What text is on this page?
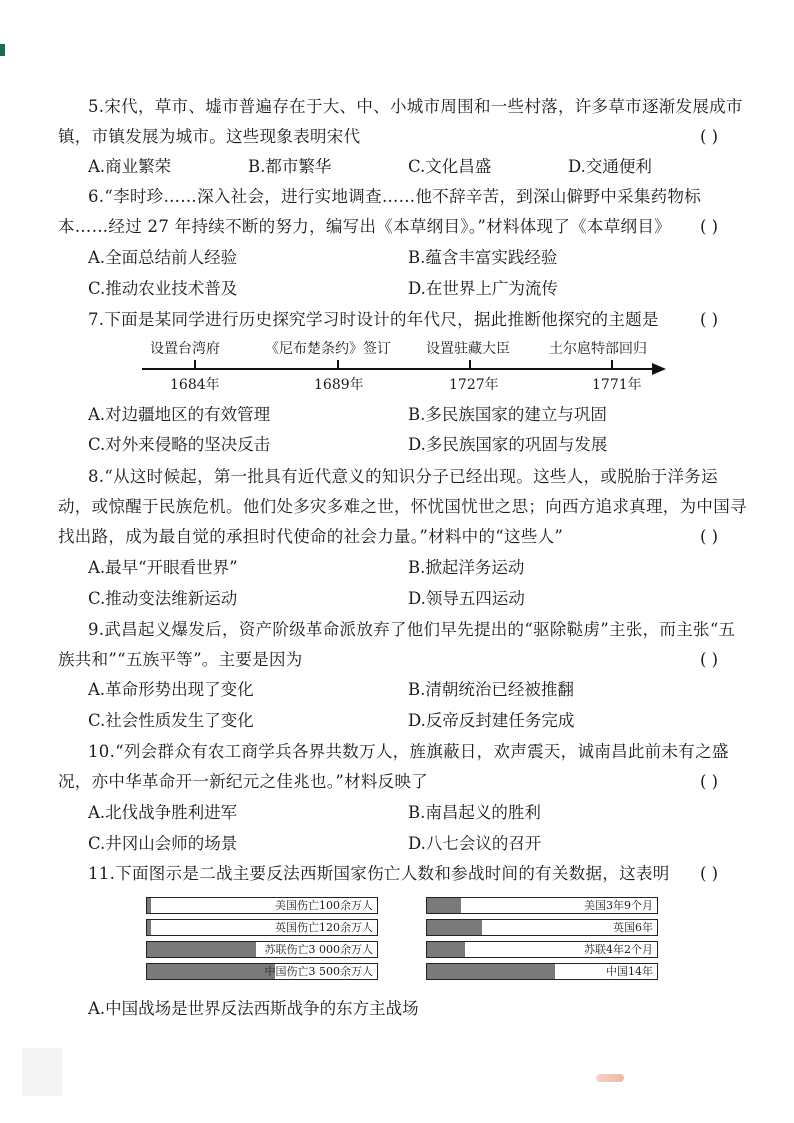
5.宋代，草市、墟市普遍存在于大、中、小城市周围和一些村落，许多草市逐渐发展成市
镇，市镇发展为城市。这些现象表明宋代	( )
A.商业繁荣	B.都市繁华	C.文化昌盛	D.交通便利
6.“李时珍……深入社会，进行实地调查……他不辞辛苦，到深山僻野中采集药物标
本……经过 27 年持续不断的努力，编写出《本草纲目》。”材料体现了《本草纲目》 ( )
A.全面总结前人经验	B.蕴含丰富实践经验
C.推动农业技术普及	D.在世界上广为流传
7.下面是某同学进行历史探究学习时设计的年代尺，据此推断他探究的主题是	( )
设置台湾府	《尼布楚条约》签订	设置驻藏大臣	土尔扈特部回归
1684年	1689年	1727年	1771年
A.对边疆地区的有效管理	B.多民族国家的建立与巩固
C.对外来侵略的坚决反击	D.多民族国家的巩固与发展
8.“从这时候起，第一批具有近代意义的知识分子已经出现。这些人，或脱胎于洋务运
动，或惊醒于民族危机。他们处多灾多难之世，怀忧国忧世之思；向西方追求真理，为中国寻
找出路，成为最自觉的承担时代使命的社会力量。”材料中的“这些人”	( )
A.最早“开眼看世界”	B.掀起洋务运动
C.推动变法维新运动	D.领导五四运动
9.武昌起义爆发后，资产阶级革命派放弃了他们早先提出的“驱除鞑虏”主张，而主张“五
族共和”“五族平等”。主要是因为	( )
A.革命形势出现了变化	B.清朝统治已经被推翻
C.社会性质发生了变化	D.反帝反封建任务完成
10.“列会群众有农工商学兵各界共数万人，旌旗蔽日，欢声震天，诚南昌此前未有之盛
况，亦中华革命开一新纪元之佳兆也。”材料反映了	( )
A.北伐战争胜利进军	B.南昌起义的胜利
C.井冈山会师的场景	D.八七会议的召开
11.下面图示是二战主要反法西斯国家伤亡人数和参战时间的有关数据，这表明 ( )
美国伤亡100余万人
英国伤亡120余万人
苏联伤亡3 000余万人
中国伤亡3 500余万人
美国3年9个月
英国6年
苏联4年2个月
中国14年
A.中国战场是世界反法西斯战争的东方主战场
